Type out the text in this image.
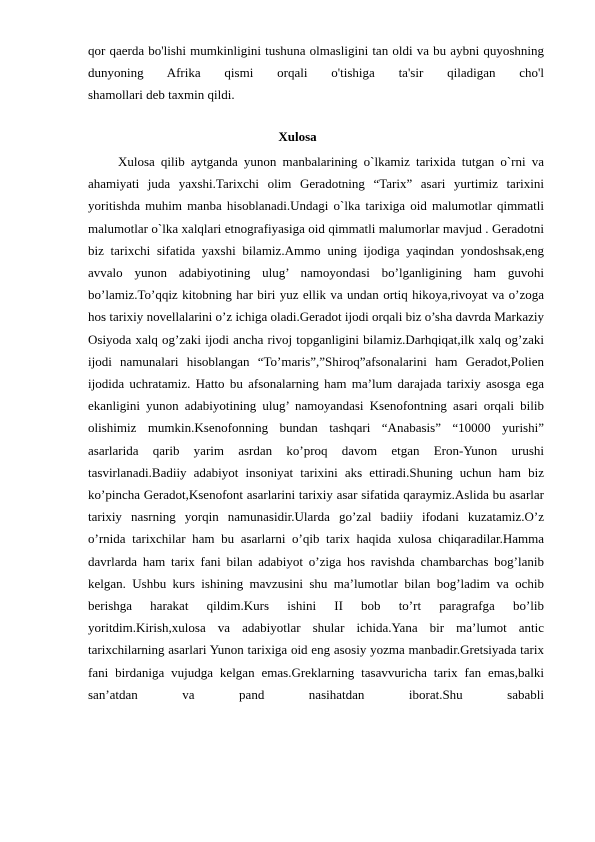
qor qaerda bo'lishi mumkinligini tushuna olmasligini tan oldi va bu aybni quyoshning dunyoning Afrika qismi orqali o'tishiga ta'sir qiladigan cho'l

shamollari deb taxmin qildi.

Xulosa

Xulosa qilib aytganda yunon manbalarining o`lkamiz tarixida tutgan o`rni va ahamiyati juda yaxshi.Tarixchi olim Geradotning “Tarix” asari yurtimiz tarixini yoritishda muhim manba hisoblanadi.Undagi o`lka tarixiga oid malumotlar qimmatli malumotlar o`lka xalqlari etnografiyasiga oid qimmatli malumorlar mavjud . Geradotni biz tarixchi sifatida yaxshi bilamiz.Ammo uning ijodiga yaqindan yondoshsak,eng avvalo yunon adabiyotining ulug’ namoyondasi bo’lganligining ham guvohi bo’lamiz.To’qqiz kitobning har biri yuz ellik va undan ortiq hikoya,rivoyat va o’zoga hos tarixiy novellalarini o’z ichiga oladi.Geradot ijodi orqali biz o’sha davrda Markaziy Osiyoda xalq og’zaki ijodi ancha rivoj topganligini bilamiz.Darhqiqat,ilk xalq og’zaki ijodi namunalari hisoblangan “To’maris”,”Shiroq”afsonalarini ham Geradot,Polien ijodida uchratamiz. Hatto bu afsonalarning ham ma’lum darajada tarixiy asosga ega ekanligini yunon adabiyotining ulug’ namoyandasi Ksenofontning asari orqali bilib olishimiz mumkin.Ksenofonning bundan tashqari “Anabasis” “10000 yurishi” asarlarida qarib yarim asrdan ko’proq davom etgan Eron-Yunon urushi tasvirlanadi.Badiiy adabiyot insoniyat tarixini aks ettiradi.Shuning uchun ham biz ko’pincha Geradot,Ksenofont asarlarini tarixiy asar sifatida qaraymiz.Aslida bu asarlar tarixiy nasrning yorqin namunasidir.Ularda go’zal badiiy ifodani kuzatamiz.O’z o’rnida tarixchilar ham bu asarlarni o’qib tarix haqida xulosa chiqaradilar.Hamma davrlarda ham tarix fani bilan adabiyot o’ziga hos ravishda chambarchas bog’lanib kelgan. Ushbu kurs ishining mavzusini shu ma’lumotlar bilan bog’ladim va ochib berishga harakat qildim.Kurs ishini II bob to’rt paragrafga bo’lib yoritdim.Kirish,xulosa va adabiyotlar shular ichida.Yana bir ma’lumot antic tarixchilarning asarlari Yunon tarixiga oid eng asosiy yozma manbadir.Gretsiyada tarix fani birdaniga vujudga kelgan emas.Greklarning tasavvuricha tarix fan emas,balki san’atdan va pand nasihatdan iborat.Shu sababli
